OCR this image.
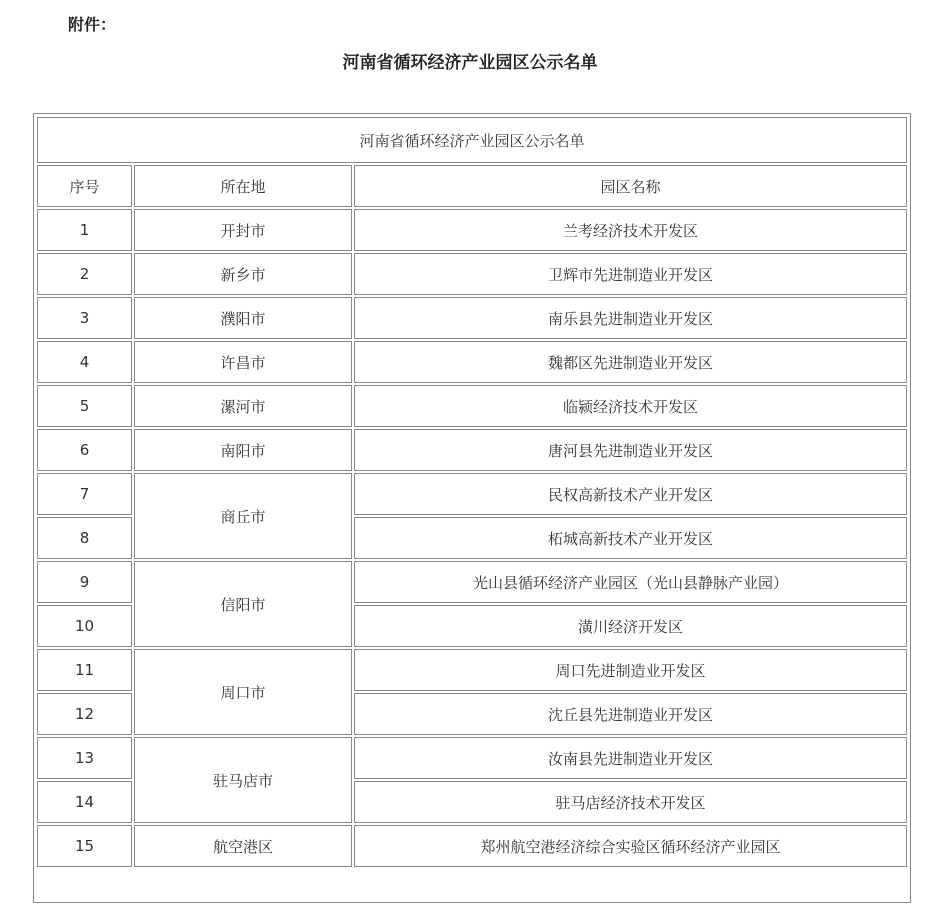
附件：
河南省循环经济产业园区公示名单
河南省循环经济产业园区公示名单		
序号	所在地	园区名称
1	开封市	兰考经济技术开发区
2	新乡市	卫辉市先进制造业开发区
3	濮阳市	南乐县先进制造业开发区
4	许昌市	魏都区先进制造业开发区
5	漯河市	临颍经济技术开发区
6	南阳市	唐河县先进制造业开发区
7	商丘市	民权高新技术产业开发区
8		柘城高新技术产业开发区
9	信阳市	光山县循环经济产业园区（光山县静脉产业园）
10		潢川经济开发区
11	周口市	周口先进制造业开发区
12		沈丘县先进制造业开发区
13	驻马店市	汝南县先进制造业开发区
14		驻马店经济技术开发区
15	航空港区	郑州航空港经济综合实验区循环经济产业园区
